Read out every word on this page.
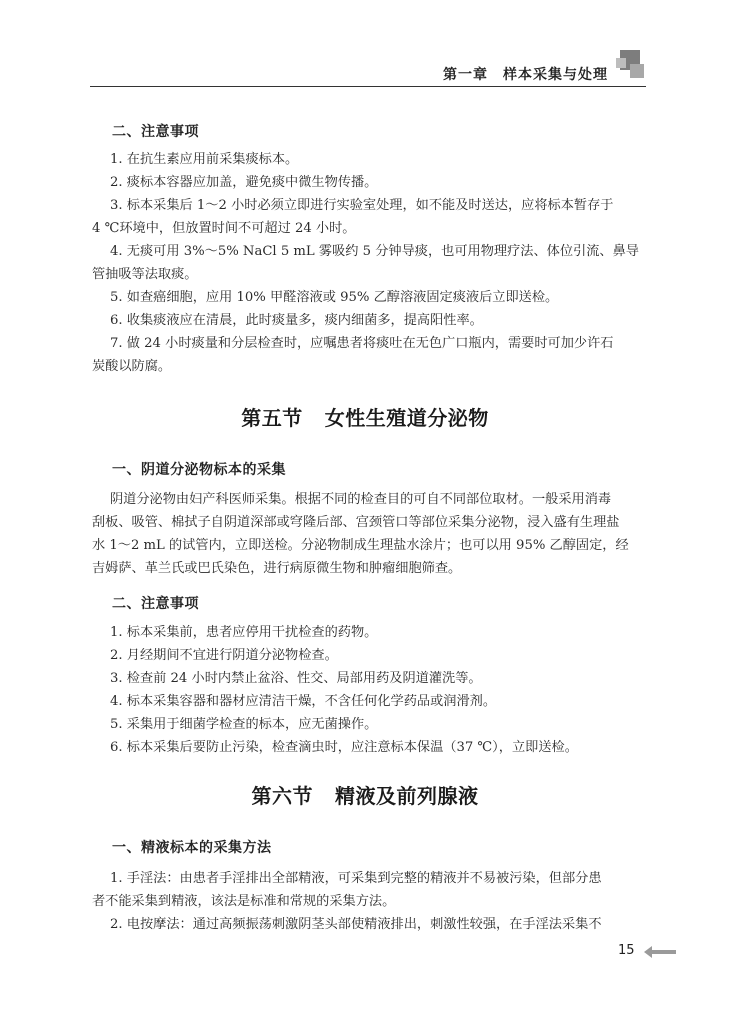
第一章　样本采集与处理
二、注意事项
1. 在抗生素应用前采集痰标本。
2. 痰标本容器应加盖，避免痰中微生物传播。
3. 标本采集后 1～2 小时必须立即进行实验室处理，如不能及时送达，应将标本暂存于
4 ℃环境中，但放置时间不可超过 24 小时。
4. 无痰可用 3%～5% NaCl 5 mL 雾吸约 5 分钟导痰，也可用物理疗法、体位引流、鼻导
管抽吸等法取痰。
5. 如查癌细胞，应用 10% 甲醛溶液或 95% 乙醇溶液固定痰液后立即送检。
6. 收集痰液应在清晨，此时痰量多，痰内细菌多，提高阳性率。
7. 做 24 小时痰量和分层检查时，应嘱患者将痰吐在无色广口瓶内，需要时可加少许石
炭酸以防腐。
第五节 女性生殖道分泌物
一、阴道分泌物标本的采集
阴道分泌物由妇产科医师采集。根据不同的检查目的可自不同部位取材。一般采用消毒
刮板、吸管、棉拭子自阴道深部或穹隆后部、宫颈管口等部位采集分泌物，浸入盛有生理盐
水 1～2 mL 的试管内，立即送检。分泌物制成生理盐水涂片；也可以用 95% 乙醇固定，经
吉姆萨、革兰氏或巴氏染色，进行病原微生物和肿瘤细胞筛查。
二、注意事项
1. 标本采集前，患者应停用干扰检查的药物。
2. 月经期间不宜进行阴道分泌物检查。
3. 检查前 24 小时内禁止盆浴、性交、局部用药及阴道灌洗等。
4. 标本采集容器和器材应清洁干燥，不含任何化学药品或润滑剂。
5. 采集用于细菌学检查的标本，应无菌操作。
6. 标本采集后要防止污染，检查滴虫时，应注意标本保温（37 ℃），立即送检。
第六节 精液及前列腺液
一、精液标本的采集方法
1. 手淫法：由患者手淫排出全部精液，可采集到完整的精液并不易被污染，但部分患
者不能采集到精液，该法是标准和常规的采集方法。
2. 电按摩法：通过高频振荡刺激阴茎头部使精液排出，刺激性较强，在手淫法采集不
15
